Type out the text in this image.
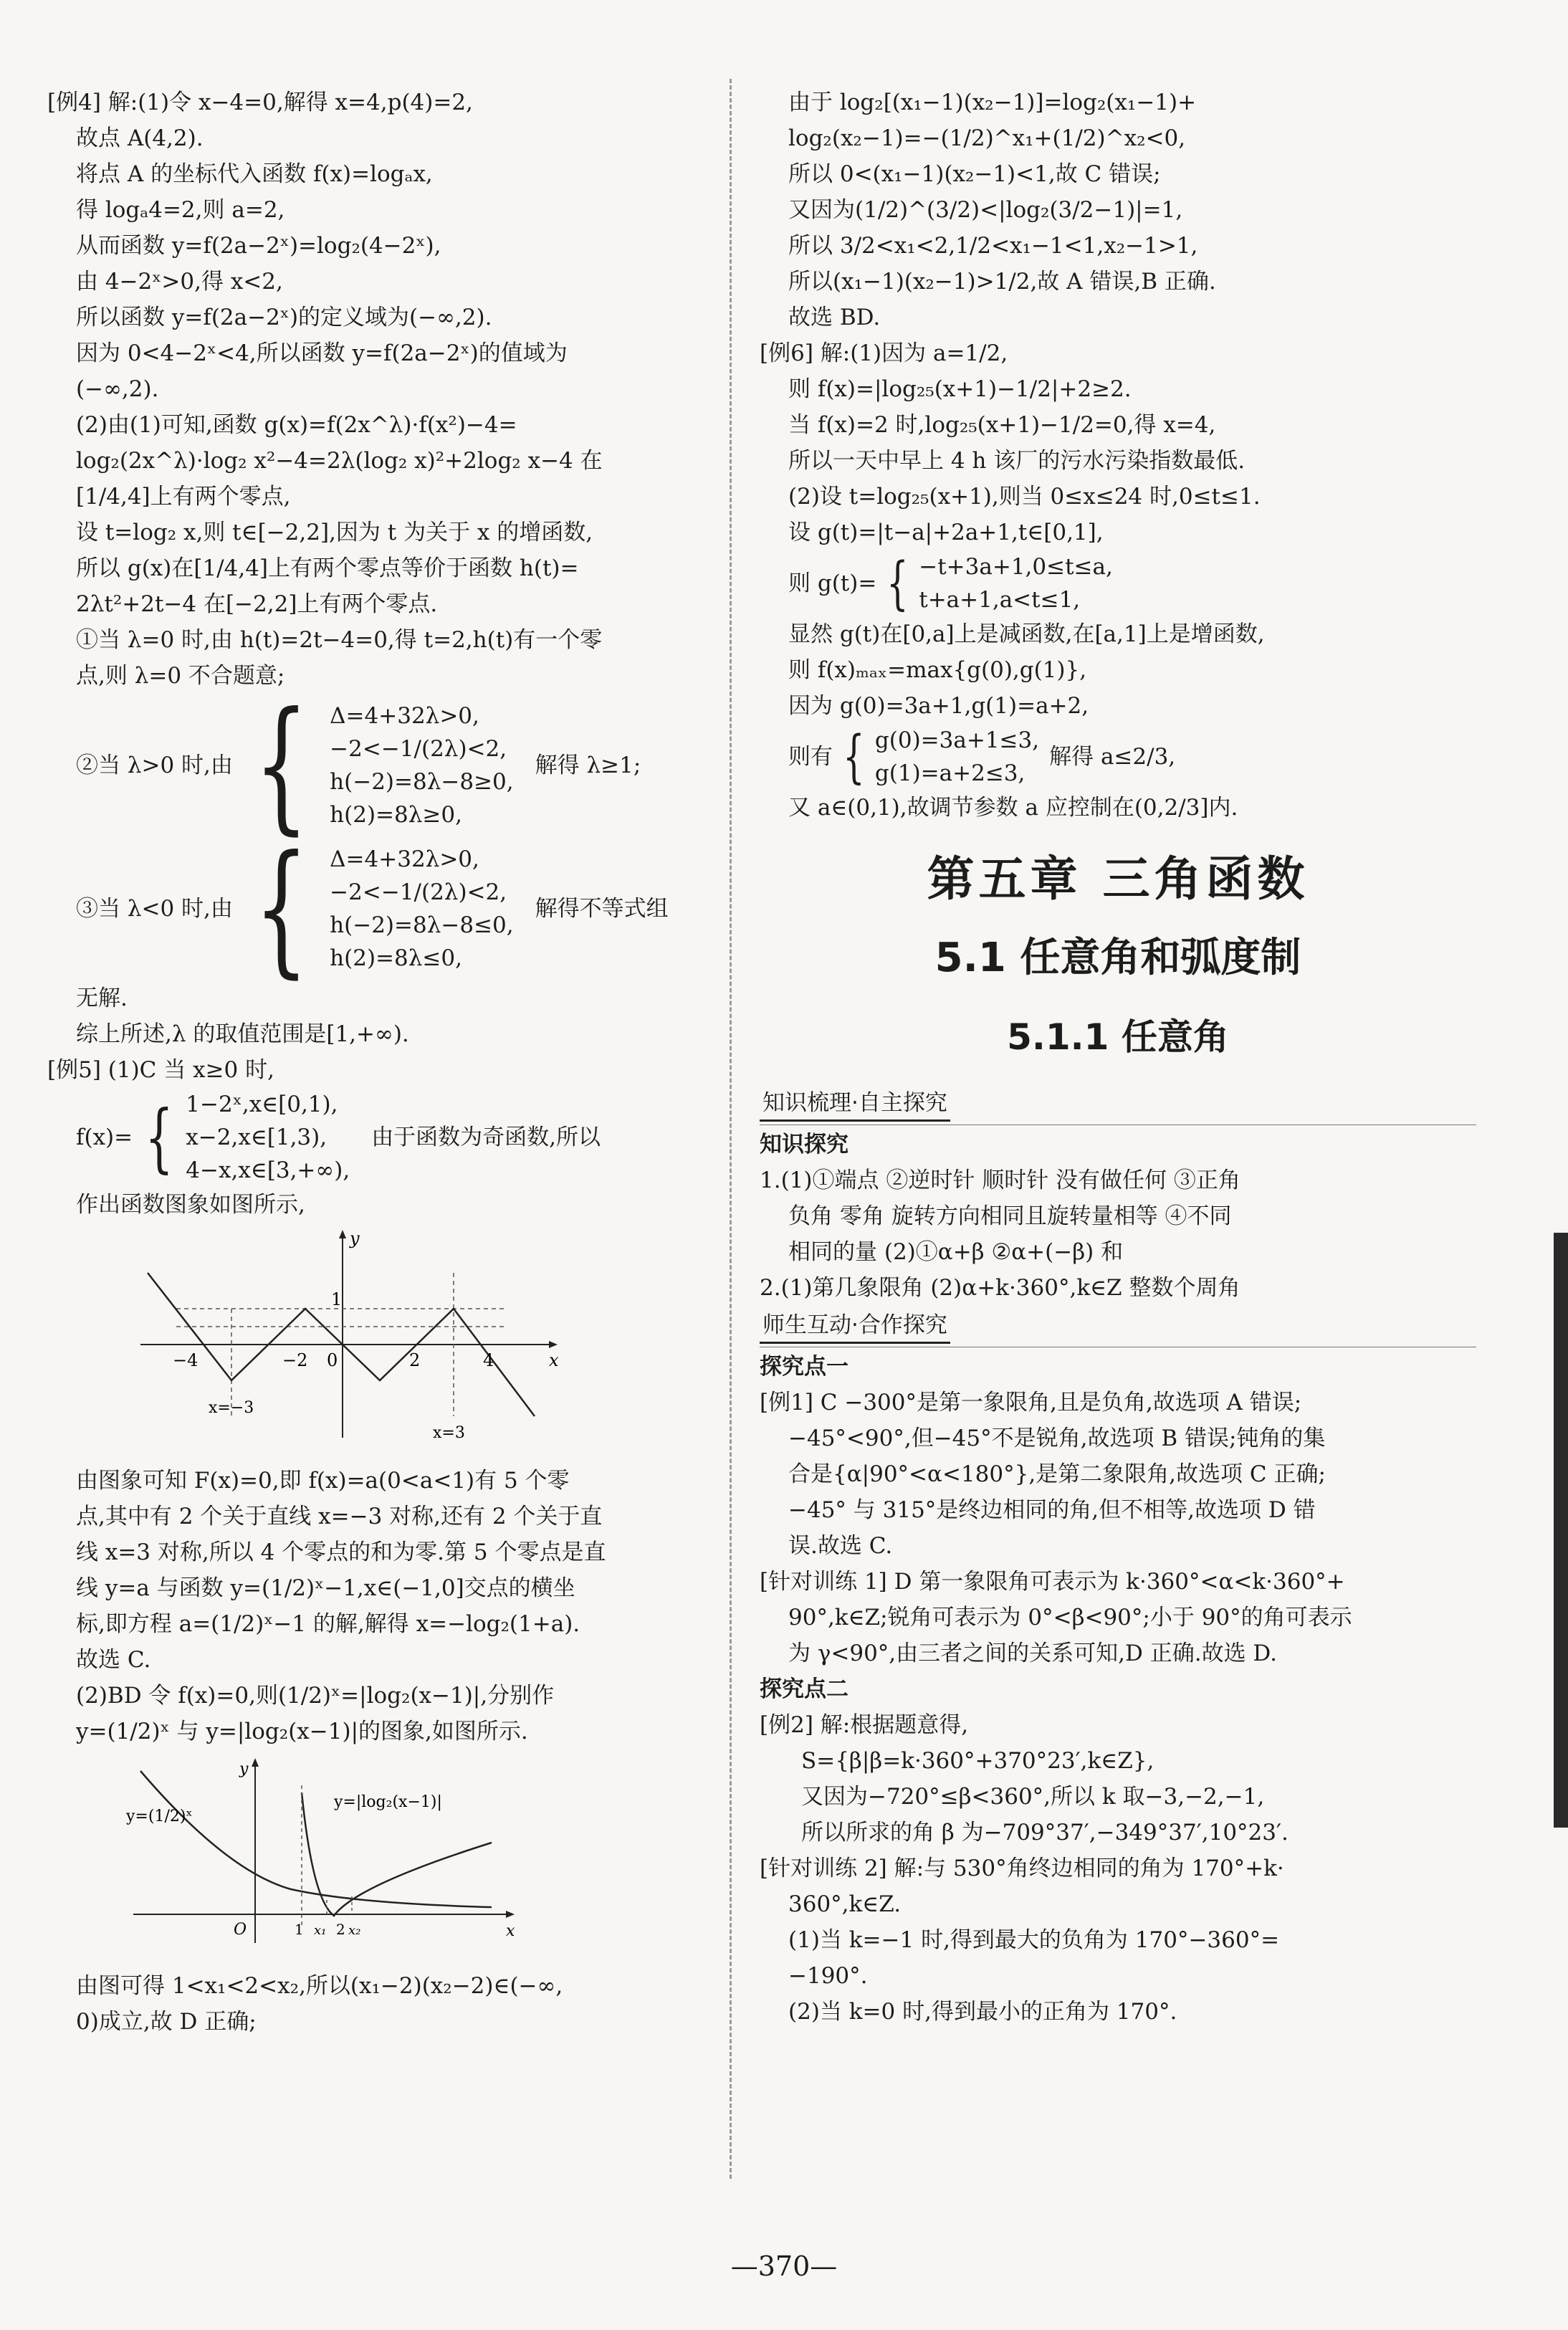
[例4] 解:(1)令 x−4=0,解得 x=4,p(4)=2,
故点 A(4,2).
将点 A 的坐标代入函数 f(x)=logₐx,
得 logₐ4=2,则 a=2,
从而函数 y=f(2a−2ˣ)=log₂(4−2ˣ),
由 4−2ˣ>0,得 x<2,
所以函数 y=f(2a−2ˣ)的定义域为(−∞,2).
因为 0<4−2ˣ<4,所以函数 y=f(2a−2ˣ)的值域为
(−∞,2).
(2)由(1)可知,函数 g(x)=f(2x^λ)·f(x²)−4=
log₂(2x^λ)·log₂ x²−4=2λ(log₂ x)²+2log₂ x−4 在
[1/4,4]上有两个零点,
设 t=log₂ x,则 t∈[−2,2],因为 t 为关于 x 的增函数,
所以 g(x)在[1/4,4]上有两个零点等价于函数 h(t)=
2λt²+2t−4 在[−2,2]上有两个零点.
①当 λ=0 时,由 h(t)=2t−4=0,得 t=2,h(t)有一个零
点,则 λ=0 不合题意;
②当 λ>0 时,由 { Δ=4+32λ>0,
−2<−1/(2λ)<2,
h(−2)=8λ−8≥0,
h(2)=8λ≥0,
解得 λ≥1;
③当 λ<0 时,由 { Δ=4+32λ>0,
−2<−1/(2λ)<2,
h(−2)=8λ−8≤0,
h(2)=8λ≤0,
解得不等式组
无解.
综上所述,λ 的取值范围是[1,+∞).
[例5] (1)C 当 x≥0 时,
f(x)= { 1−2ˣ,x∈[0,1),
x−2,x∈[1,3),
4−x,x∈[3,+∞),
由于函数为奇函数,所以
作出函数图象如图所示,
x
y
−4	−2 0	2	4
1
x=−3
x=3
由图象可知 F(x)=0,即 f(x)=a(0<a<1)有 5 个零
点,其中有 2 个关于直线 x=−3 对称,还有 2 个关于直
线 x=3 对称,所以 4 个零点的和为零.第 5 个零点是直
线 y=a 与函数 y=(1/2)ˣ−1,x∈(−1,0]交点的横坐
标,即方程 a=(1/2)ˣ−1 的解,解得 x=−log₂(1+a).
故选 C.
(2)BD 令 f(x)=0,则(1/2)ˣ=|log₂(x−1)|,分别作
y=(1/2)ˣ 与 y=|log₂(x−1)|的图象,如图所示.
x
y
O	1 x₁ 2 x₂
y=(1/2)ˣ
y=|log₂(x−1)|
由图可得 1<x₁<2<x₂,所以(x₁−2)(x₂−2)∈(−∞,
0)成立,故 D 正确;
由于 log₂[(x₁−1)(x₂−1)]=log₂(x₁−1)+
log₂(x₂−1)=−(1/2)^x₁+(1/2)^x₂<0,
所以 0<(x₁−1)(x₂−1)<1,故 C 错误;
又因为(1/2)^(3/2)<|log₂(3/2−1)|=1,
所以 3/2<x₁<2,1/2<x₁−1<1,x₂−1>1,
所以(x₁−1)(x₂−1)>1/2,故 A 错误,B 正确.
故选 BD.
[例6] 解:(1)因为 a=1/2,
则 f(x)=|log₂₅(x+1)−1/2|+2≥2.
当 f(x)=2 时,log₂₅(x+1)−1/2=0,得 x=4,
所以一天中早上 4 h 该厂的污水污染指数最低.
(2)设 t=log₂₅(x+1),则当 0≤x≤24 时,0≤t≤1.
设 g(t)=|t−a|+2a+1,t∈[0,1],
则 g(t)= { −t+3a+1,0≤t≤a,
t+a+1,a<t≤1,
显然 g(t)在[0,a]上是减函数,在[a,1]上是增函数,
则 f(x)ₘₐₓ=max{g(0),g(1)},
因为 g(0)=3a+1,g(1)=a+2,
则有 { g(0)=3a+1≤3,
g(1)=a+2≤3,
解得 a≤2/3,
又 a∈(0,1),故调节参数 a 应控制在(0,2/3]内.
第五章 三角函数
5.1 任意角和弧度制
5.1.1 任意角
知识梳理·自主探究
知识探究
1.(1)①端点 ②逆时针 顺时针 没有做任何 ③正角
负角 零角 旋转方向相同且旋转量相等 ④不同
相同的量 (2)①α+β ②α+(−β) 和
2.(1)第几象限角 (2)α+k·360°,k∈Z 整数个周角
师生互动·合作探究
探究点一
[例1] C −300°是第一象限角,且是负角,故选项 A 错误;
−45°<90°,但−45°不是锐角,故选项 B 错误;钝角的集
合是{α|90°<α<180°},是第二象限角,故选项 C 正确;
−45° 与 315°是终边相同的角,但不相等,故选项 D 错
误.故选 C.
[针对训练 1] D 第一象限角可表示为 k·360°<α<k·360°+
90°,k∈Z;锐角可表示为 0°<β<90°;小于 90°的角可表示
为 γ<90°,由三者之间的关系可知,D 正确.故选 D.
探究点二
[例2] 解:根据题意得,
S={β|β=k·360°+370°23′,k∈Z},
又因为−720°≤β<360°,所以 k 取−3,−2,−1,
所以所求的角 β 为−709°37′,−349°37′,10°23′.
[针对训练 2] 解:与 530°角终边相同的角为 170°+k·
360°,k∈Z.
(1)当 k=−1 时,得到最大的负角为 170°−360°=
−190°.
(2)当 k=0 时,得到最小的正角为 170°.
—370—
